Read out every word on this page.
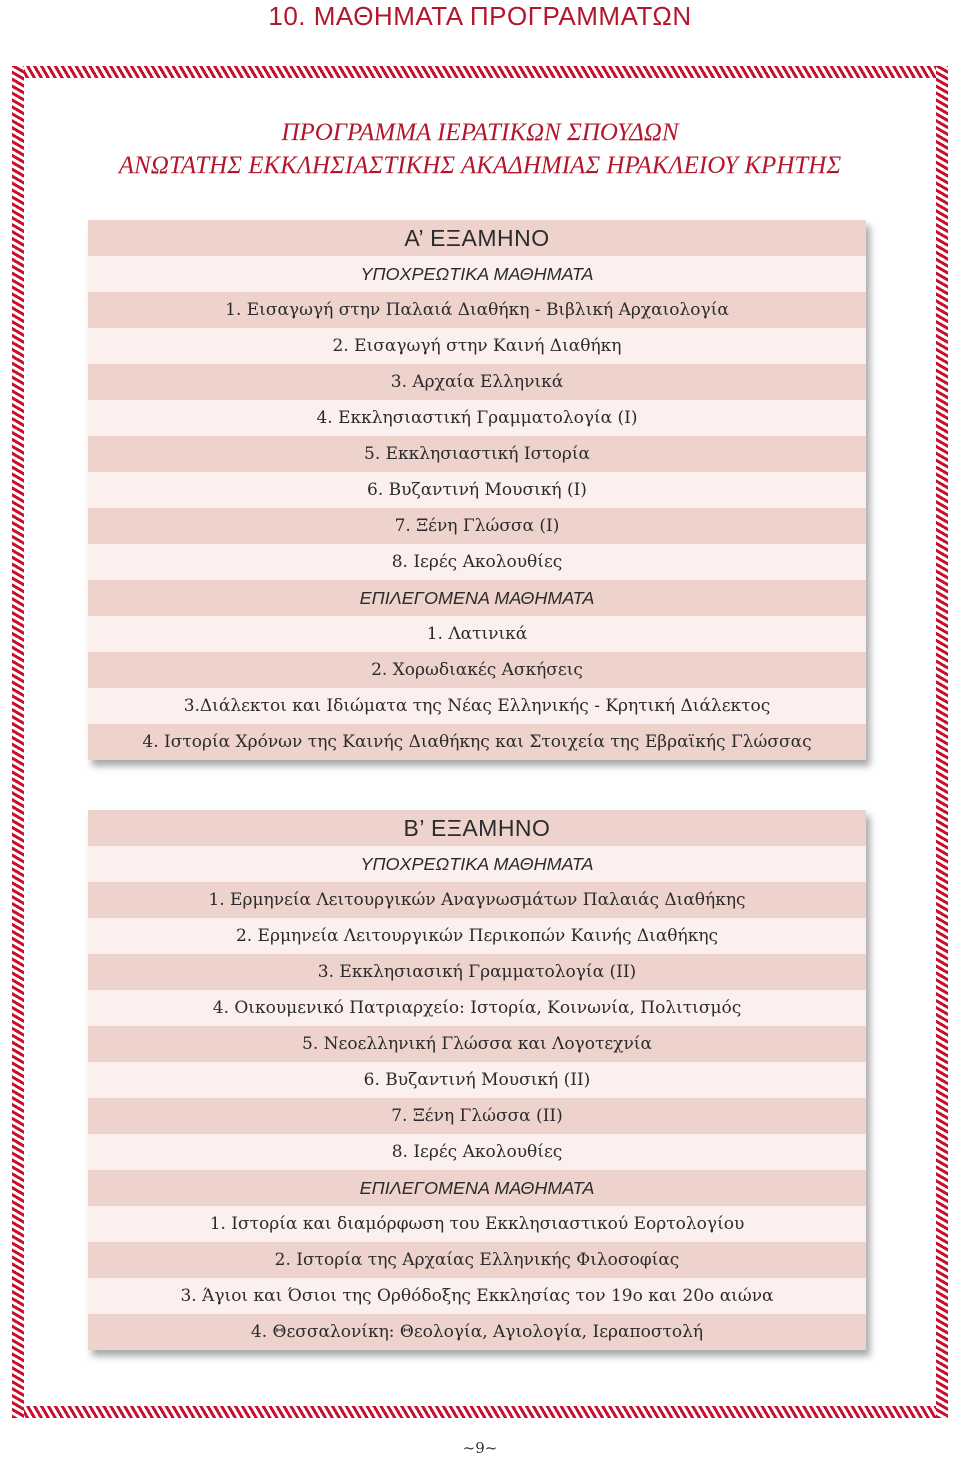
10. ΜΑΘΗΜΑΤΑ ΠΡΟΓΡΑΜΜΑΤΩΝ
ΠΡΟΓΡΑΜΜΑ ΙΕΡΑΤΙΚΩΝ ΣΠΟΥΔΩΝ
ΑΝΩΤΑΤΗΣ ΕΚΚΛΗΣΙΑΣΤΙΚΗΣ ΑΚΑΔΗΜΙΑΣ ΗΡΑΚΛΕΙΟΥ ΚΡΗΤΗΣ
Α’ ΕΞΑΜΗΝΟ
ΥΠΟΧΡΕΩΤΙΚΑ ΜΑΘΗΜΑΤΑ
1. Εισαγωγή στην Παλαιά Διαθήκη - Βιβλική Αρχαιολογία
2. Εισαγωγή στην Καινή Διαθήκη
3. Αρχαία Ελληνικά
4. Εκκλησιαστική Γραμματολογία (Ι)
5. Εκκλησιαστική Ιστορία
6. Βυζαντινή Μουσική (Ι)
7. Ξένη Γλώσσα (Ι)
8. Ιερές Ακολουθίες
ΕΠΙΛΕΓΟΜΕΝΑ ΜΑΘΗΜΑΤΑ
1. Λατινικά
2. Χορωδιακές Ασκήσεις
3.Διάλεκτοι και Ιδιώματα της Νέας Ελληνικής - Κρητική Διάλεκτος
4. Ιστορία Χρόνων της Καινής Διαθήκης και Στοιχεία της Εβραϊκής Γλώσσας
Β’ ΕΞΑΜΗΝΟ
ΥΠΟΧΡΕΩΤΙΚΑ ΜΑΘΗΜΑΤΑ
1. Ερμηνεία Λειτουργικών Αναγνωσμάτων Παλαιάς Διαθήκης
2. Ερμηνεία Λειτουργικών Περικοπών Καινής Διαθήκης
3. Εκκλησιασική Γραμματολογία (ΙΙ)
4. Οικουμενικό Πατριαρχείο: Ιστορία, Κοινωνία, Πολιτισμός
5. Νεοελληνική Γλώσσα και Λογοτεχνία
6. Βυζαντινή Μουσική (ΙΙ)
7. Ξένη Γλώσσα (ΙΙ)
8. Ιερές Ακολουθίες
ΕΠΙΛΕΓΟΜΕΝΑ ΜΑΘΗΜΑΤΑ
1. Ιστορία και διαμόρφωση του Εκκλησιαστικού Εορτολογίου
2. Ιστορία της Αρχαίας Ελληνικής Φιλοσοφίας
3. Άγιοι και Όσιοι της Ορθόδοξης Εκκλησίας τον 19ο και 20ο αιώνα
4. Θεσσαλονίκη: Θεολογία, Αγιολογία, Ιεραποστολή
~9~
